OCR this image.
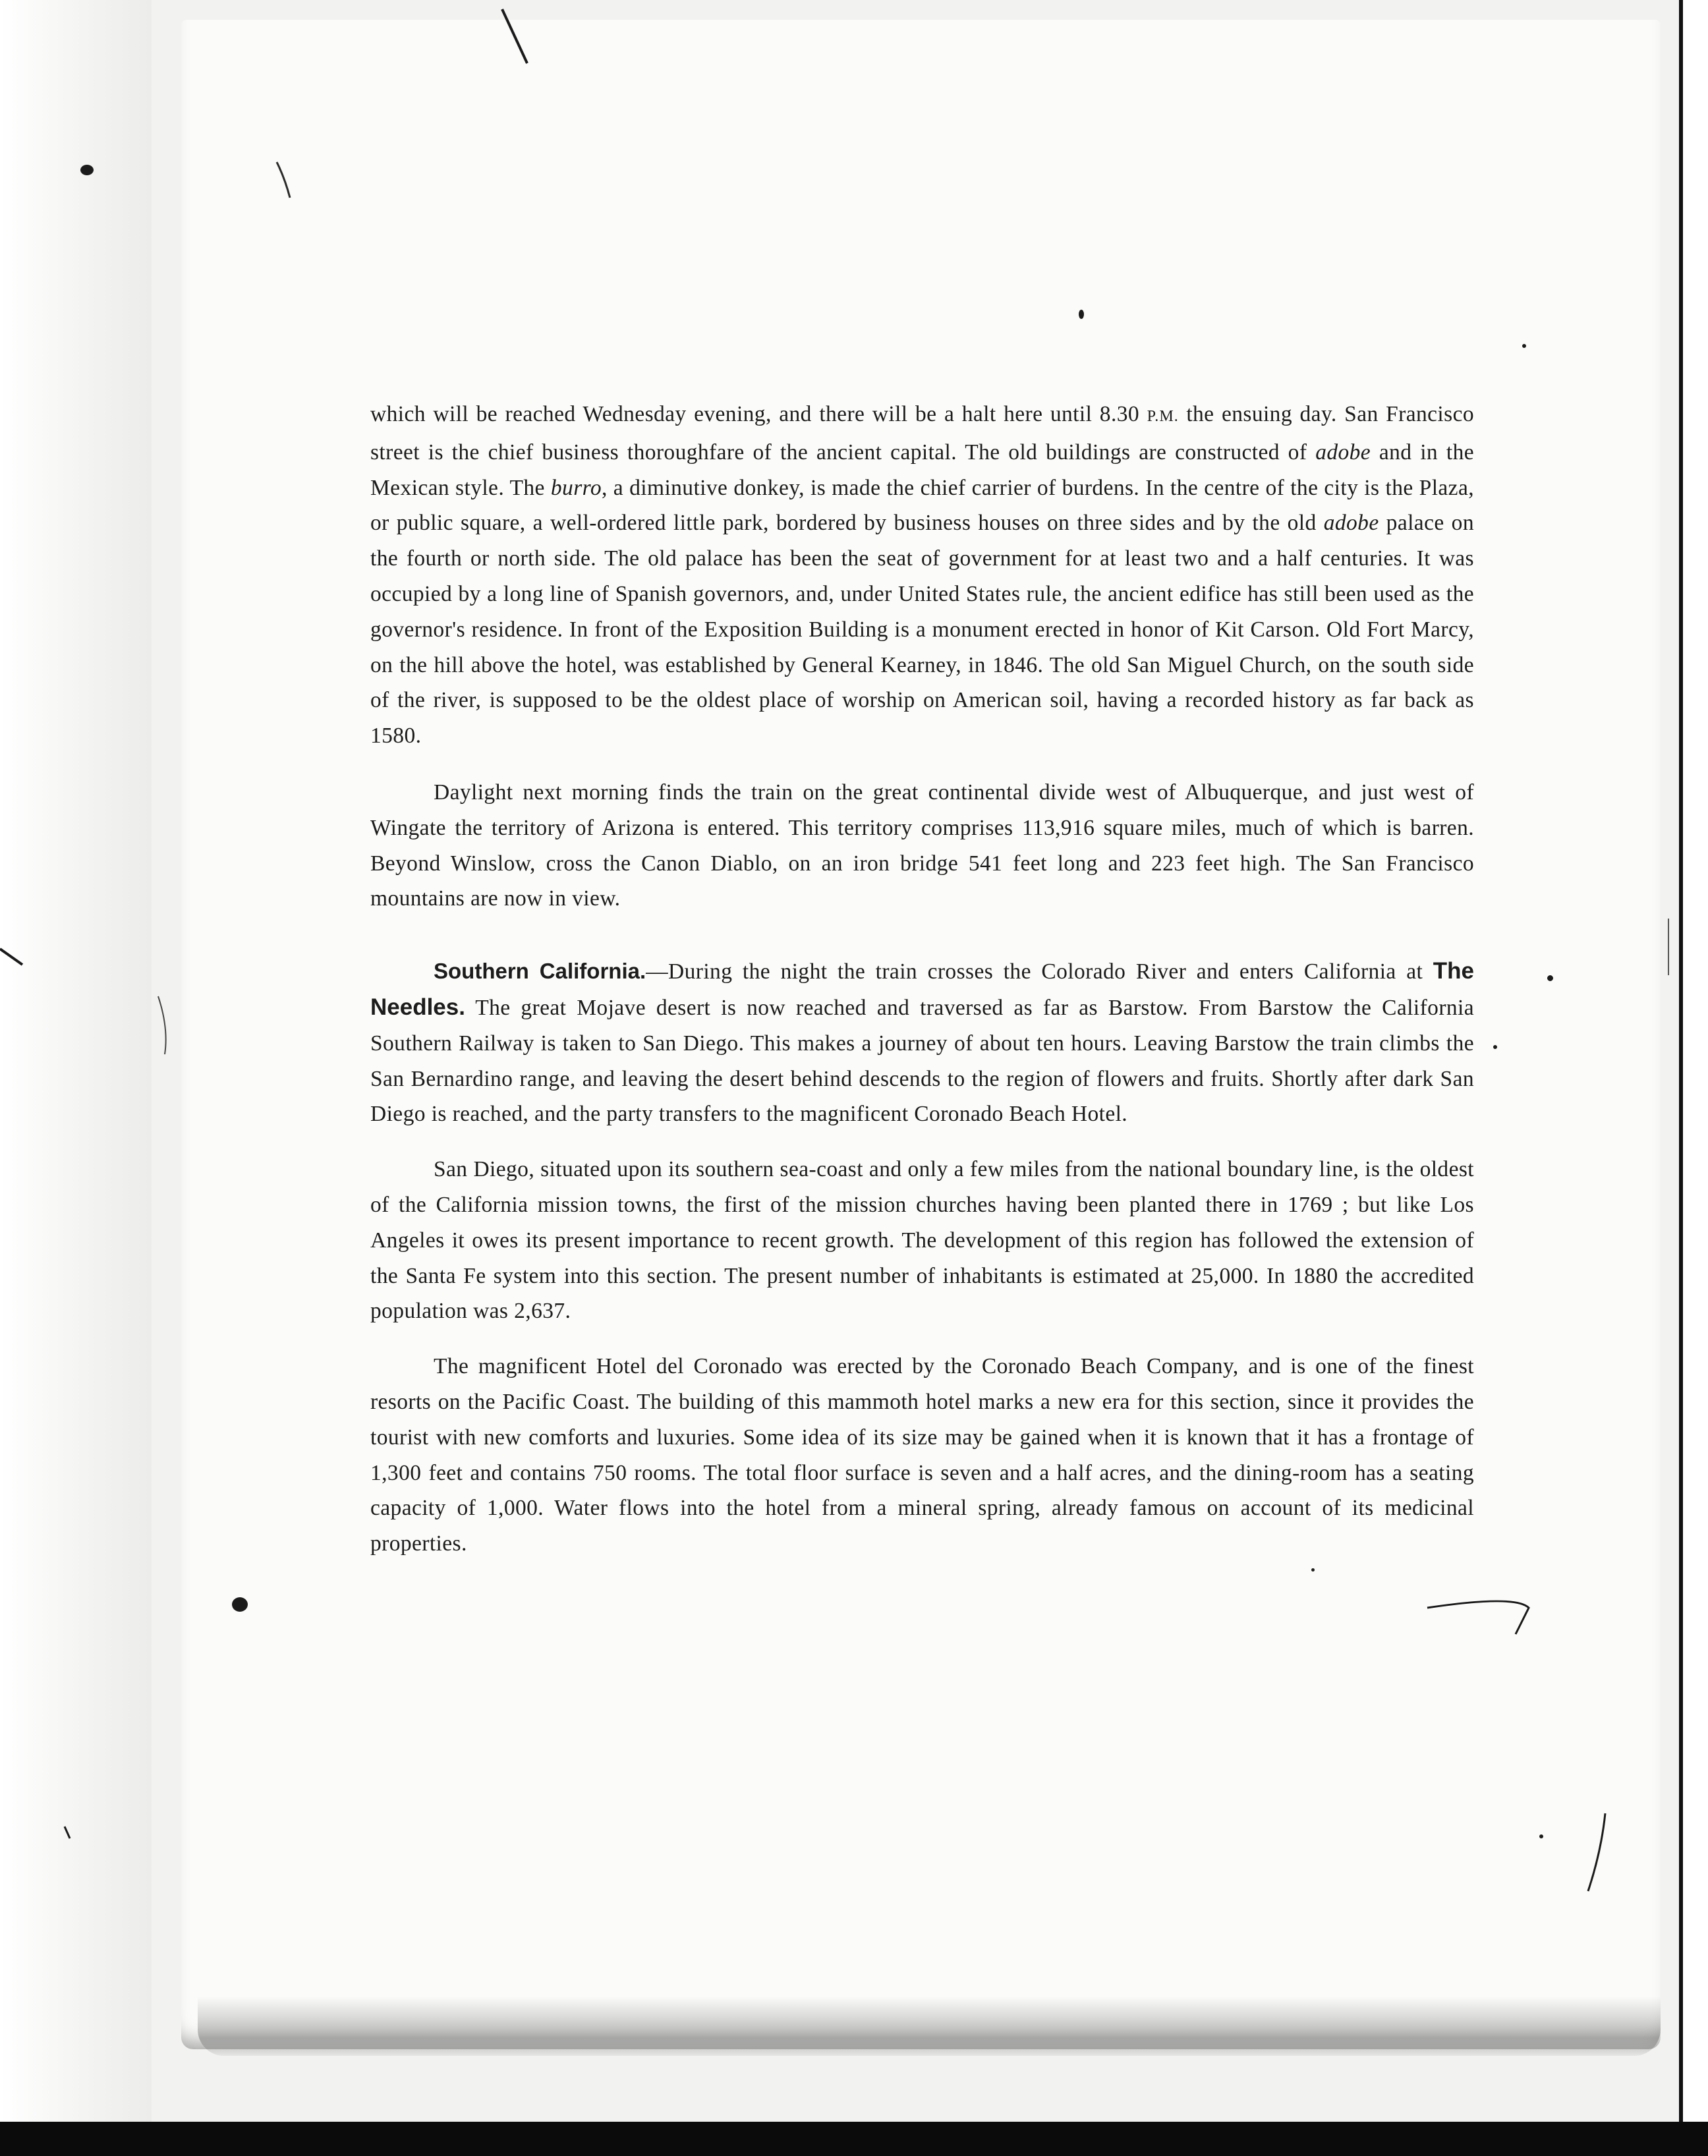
which will be reached Wednesday evening, and there will be a halt here until 8.30 P.M. the ensuing day. San Francisco street is the chief business thoroughfare of the ancient capital. The old buildings are constructed of adobe and in the Mexican style. The burro, a diminutive donkey, is made the chief carrier of burdens. In the centre of the city is the Plaza, or public square, a well-ordered little park, bordered by business houses on three sides and by the old adobe palace on the fourth or north side. The old palace has been the seat of government for at least two and a half centuries. It was occupied by a long line of Spanish governors, and, under United States rule, the ancient edifice has still been used as the governor's residence. In front of the Exposition Building is a monument erected in honor of Kit Carson. Old Fort Marcy, on the hill above the hotel, was established by General Kearney, in 1846. The old San Miguel Church, on the south side of the river, is supposed to be the oldest place of worship on American soil, having a recorded history as far back as 1580.

Daylight next morning finds the train on the great continental divide west of Albuquerque, and just west of Wingate the territory of Arizona is entered. This territory comprises 113,916 square miles, much of which is barren. Beyond Winslow, cross the Canon Diablo, on an iron bridge 541 feet long and 223 feet high. The San Francisco mountains are now in view.

Southern California.—During the night the train crosses the Colorado River and enters California at The Needles. The great Mojave desert is now reached and traversed as far as Barstow. From Barstow the California Southern Railway is taken to San Diego. This makes a journey of about ten hours. Leaving Barstow the train climbs the San Bernardino range, and leaving the desert behind descends to the region of flowers and fruits. Shortly after dark San Diego is reached, and the party transfers to the magnificent Coronado Beach Hotel.

San Diego, situated upon its southern sea-coast and only a few miles from the national boundary line, is the oldest of the California mission towns, the first of the mission churches having been planted there in 1769 ; but like Los Angeles it owes its present importance to recent growth. The development of this region has followed the extension of the Santa Fe system into this section. The present number of inhabitants is estimated at 25,000. In 1880 the accredited population was 2,637.

The magnificent Hotel del Coronado was erected by the Coronado Beach Company, and is one of the finest resorts on the Pacific Coast. The building of this mammoth hotel marks a new era for this section, since it provides the tourist with new comforts and luxuries. Some idea of its size may be gained when it is known that it has a frontage of 1,300 feet and contains 750 rooms. The total floor surface is seven and a half acres, and the dining-room has a seating capacity of 1,000. Water flows into the hotel from a mineral spring, already famous on account of its medicinal properties.
